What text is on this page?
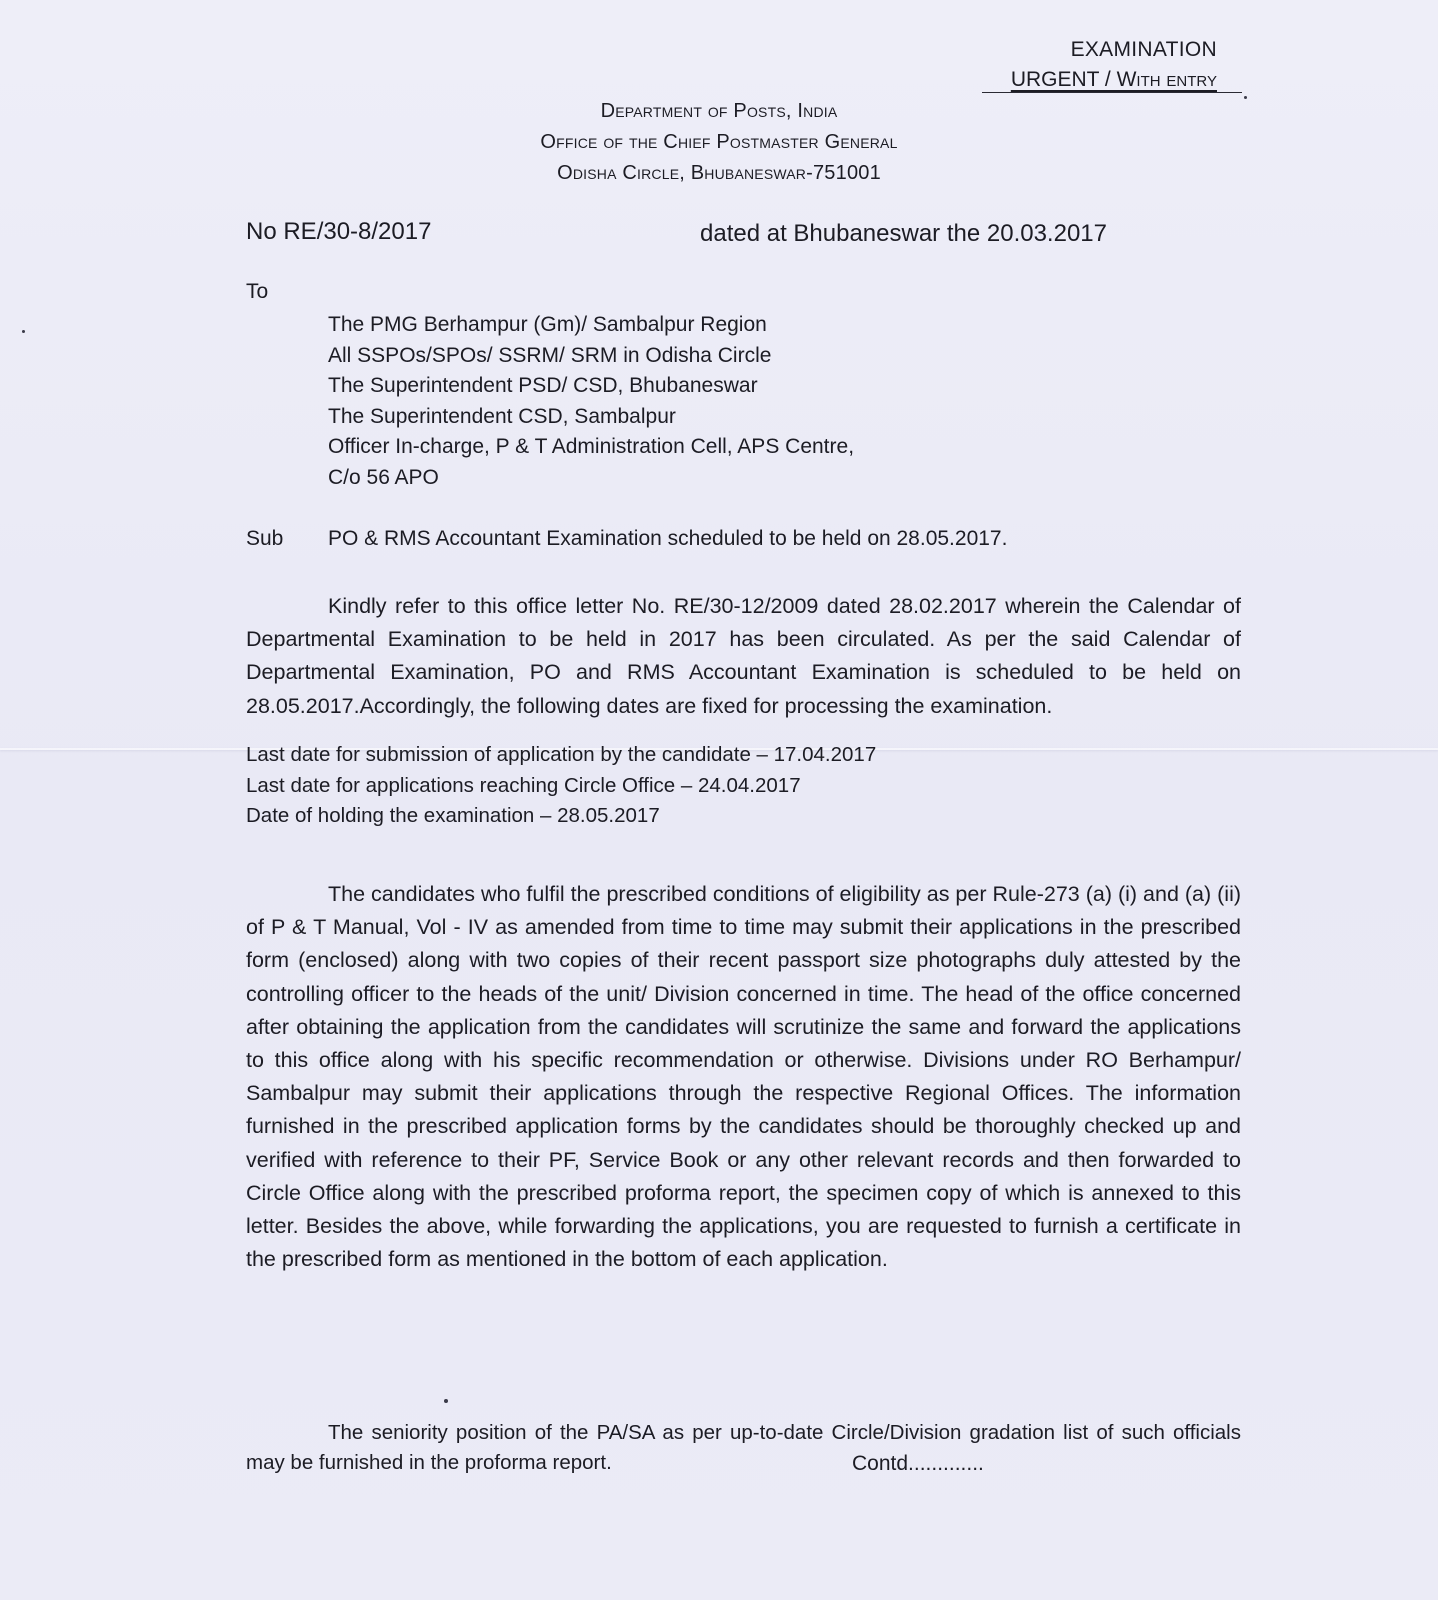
EXAMINATION
URGENT / With entry
Department of Posts, India
Office of the Chief Postmaster General
Odisha Circle, Bhubaneswar-751001
No RE/30-8/2017	dated at Bhubaneswar the 20.03.2017
To
The PMG Berhampur (Gm)/ Sambalpur Region
All SSPOs/SPOs/ SSRM/ SRM in Odisha Circle
The Superintendent PSD/ CSD, Bhubaneswar
The Superintendent CSD, Sambalpur
Officer In-charge, P & T Administration Cell, APS Centre,
C/o 56 APO
Sub PO & RMS Accountant Examination scheduled to be held on 28.05.2017.

Kindly refer to this office letter No. RE/30-12/2009 dated 28.02.2017 wherein the Calendar of Departmental Examination to be held in 2017 has been circulated. As per the said Calendar of Departmental Examination, PO and RMS Accountant Examination is scheduled to be held on 28.05.2017.Accordingly, the following dates are fixed for processing the examination.

Last date for submission of application by the candidate – 17.04.2017
Last date for applications reaching Circle Office – 24.04.2017
Date of holding the examination – 28.05.2017

The candidates who fulfil the prescribed conditions of eligibility as per Rule-273 (a) (i) and (a) (ii) of P & T Manual, Vol - IV as amended from time to time may submit their applications in the prescribed form (enclosed) along with two copies of their recent passport size photographs duly attested by the controlling officer to the heads of the unit/ Division concerned in time. The head of the office concerned after obtaining the application from the candidates will scrutinize the same and forward the applications to this office along with his specific recommendation or otherwise. Divisions under RO Berhampur/ Sambalpur may submit their applications through the respective Regional Offices. The information furnished in the prescribed application forms by the candidates should be thoroughly checked up and verified with reference to their PF, Service Book or any other relevant records and then forwarded to Circle Office along with the prescribed proforma report, the specimen copy of which is annexed to this letter. Besides the above, while forwarding the applications, you are requested to furnish a certificate in the prescribed form as mentioned in the bottom of each application.

The seniority position of the PA/SA as per up-to-date Circle/Division gradation list of such officials may be furnished in the proforma report.	Contd.............
